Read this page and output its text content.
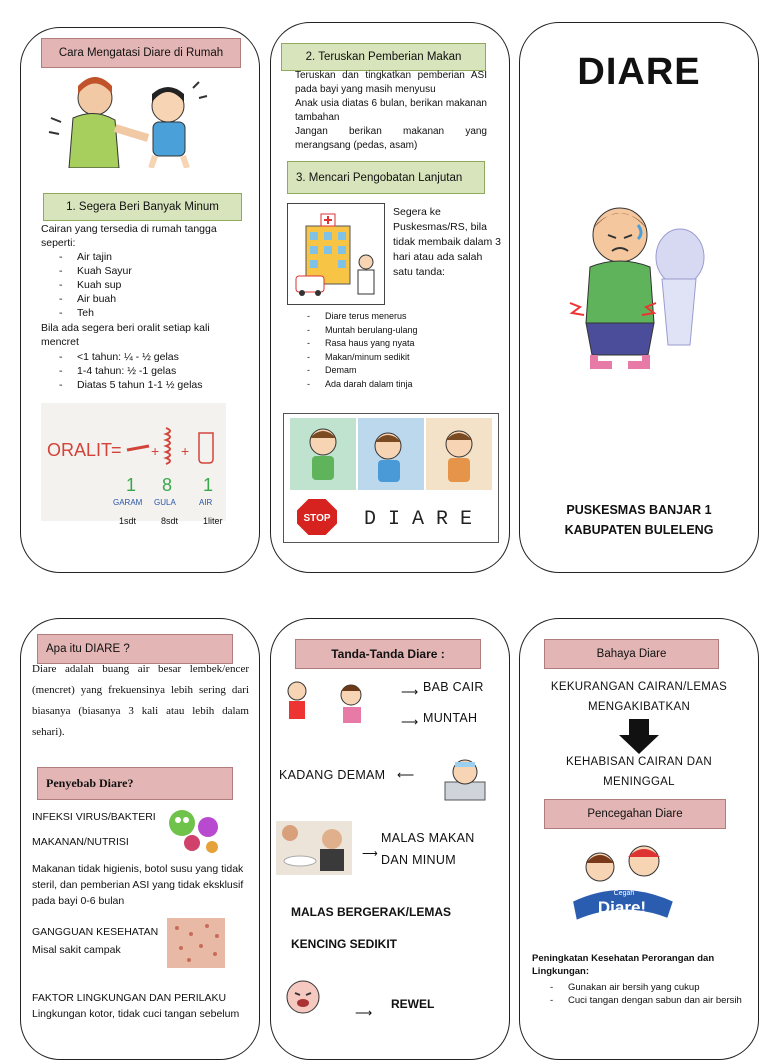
Cara Mengatasi Diare di Rumah
1. Segera Beri Banyak Minum
Cairan yang tersedia di rumah tangga seperti:
- Air tajin
- Kuah Sayur
- Kuah sup
- Air buah
- Teh
Bila ada segera beri oralit setiap kali mencret
- <1 tahun: ¼ - ½ gelas
- 1-4 tahun: ½ -1 gelas
- Diatas 5 tahun 1-1 ½ gelas
ORALIT
= + +
1 8 1
GARAM GULA	AIR
1sdt	8sdt	1liter
2. Teruskan Pemberian Makan
Teruskan dan tingkatkan pemberian ASI pada bayi yang masih menyusu
Anak usia diatas 6 bulan, berikan makanan tambahan
Jangan berikan makanan yang merangsang (pedas, asam)
3. Mencari Pengobatan Lanjutan
Segera ke Puskesmas/RS, bila tidak membaik dalam 3 hari atau ada salah satu tanda:
- Diare terus menerus
- Muntah berulang-ulang
- Rasa haus yang nyata
- Makan/minum sedikit
- Demam
- Ada darah dalam tinja
STOP D I A R E
DIARE
PUSKESMAS BANJAR 1
KABUPATEN BULELENG
Apa itu DIARE ?
Diare adalah buang air besar lembek/encer (mencret) yang frekuensinya lebih sering dari biasanya (biasanya 3 kali atau lebih dalam sehari).
Penyebab Diare?
INFEKSI VIRUS/BAKTERI
MAKANAN/NUTRISI
Makanan tidak higienis, botol susu yang tidak steril, dan pemberian ASI yang tidak eksklusif pada bayi 0-6 bulan
GANGGUAN KESEHATAN
Misal sakit campak
FAKTOR LINGKUNGAN DAN PERILAKU
Lingkungan kotor, tidak cuci tangan sebelum
Tanda-Tanda Diare :
⟶ BAB CAIR
⟶ MUNTAH
KADANG DEMAM ⟵
⟶
MALAS MAKAN
DAN MINUM
MALAS BERGERAK/LEMAS
KENCING SEDIKIT
⟶
REWEL
Bahaya Diare
KEKURANGAN CAIRAN/LEMAS MENGAKIBATKAN
KEHABISAN CAIRAN DAN MENINGGAL
Pencegahan Diare
Cegah
Diare!
Peningkatan Kesehatan Perorangan dan Lingkungan:
- Gunakan air bersih yang cukup
- Cuci tangan dengan sabun dan air bersih
